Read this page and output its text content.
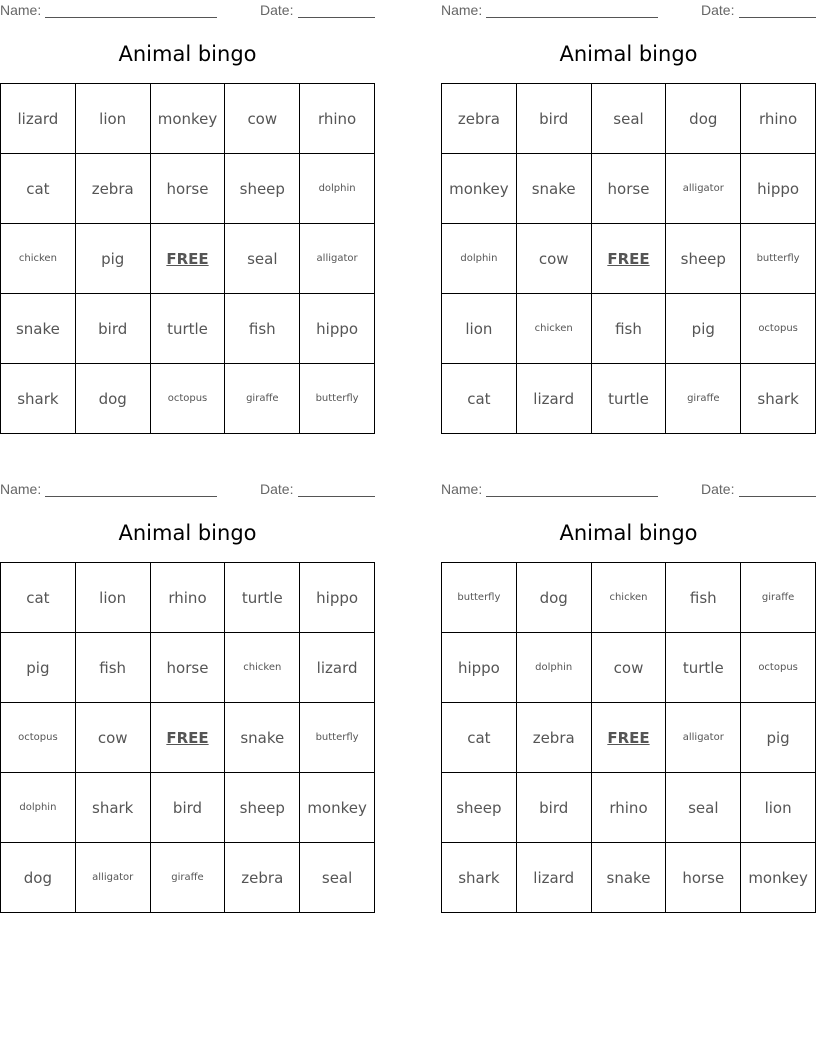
Name:	Date:
Animal bingo
lizard	lion	monkey	cow	rhino
cat	zebra	horse	sheep	dolphin
chicken	pig	FREE	seal	alligator
snake	bird	turtle	fish	hippo
shark	dog	octopus	giraffe	butterfly
Name:	Date:
Animal bingo
zebra	bird	seal	dog	rhino
monkey	snake	horse	alligator	hippo
dolphin	cow	FREE	sheep	butterfly
lion	chicken	fish	pig	octopus
cat	lizard	turtle	giraffe	shark
Name:	Date:
Animal bingo
cat	lion	rhino	turtle	hippo
pig	fish	horse	chicken	lizard
octopus	cow	FREE	snake	butterfly
dolphin	shark	bird	sheep	monkey
dog	alligator	giraffe	zebra	seal
Name:	Date:
Animal bingo
butterfly	dog	chicken	fish	giraffe
hippo	dolphin	cow	turtle	octopus
cat	zebra	FREE	alligator	pig
sheep	bird	rhino	seal	lion
shark	lizard	snake	horse	monkey
